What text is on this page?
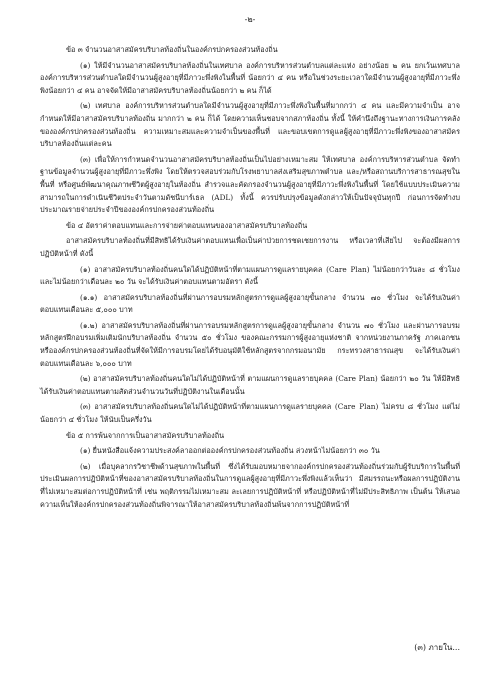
-๒-

ข้อ ๓ จำนวนอาสาสมัครบริบาลท้องถิ่นในองค์กรปกครองส่วนท้องถิ่น

(๑) ให้มีจำนวนอาสาสมัครบริบาลท้องถิ่นในเทศบาล องค์การบริหารส่วนตำบลแต่ละแห่ง อย่างน้อย ๒ คน ยกเว้นเทศบาล องค์การบริหารส่วนตำบลใดมีจำนวนผู้สูงอายุที่มีภาวะพึ่งพิงในพื้นที่ น้อยกว่า ๔ คน หรือในช่วงระยะเวลาใดมีจำนวนผู้สูงอายุที่มีภาวะพึ่งพิงน้อยกว่า ๔ คน อาจจัดให้มีอาสาสมัครบริบาลท้องถิ่นน้อยกว่า ๒ คน ก็ได้

(๒) เทศบาล องค์การบริหารส่วนตำบลใดมีจำนวนผู้สูงอายุที่มีภาวะพึ่งพิงในพื้นที่มากกว่า ๔ คน และมีความจำเป็น อาจกำหนดให้มีอาสาสมัครบริบาลท้องถิ่น มากกว่า ๒ คน ก็ได้ โดยความเห็นชอบจากสภาท้องถิ่น ทั้งนี้ ให้คำนึงถึงฐานะทางการเงินการคลังขององค์กรปกครองส่วนท้องถิ่น ความเหมาะสมและความจำเป็นของพื้นที่ และขอบเขตการดูแลผู้สูงอายุที่มีภาวะพึ่งพิงของอาสาสมัครบริบาลท้องถิ่นแต่ละคน

(๓) เพื่อให้การกำหนดจำนวนอาสาสมัครบริบาลท้องถิ่นเป็นไปอย่างเหมาะสม ให้เทศบาล องค์การบริหารส่วนตำบล จัดทำฐานข้อมูลจำนวนผู้สูงอายุที่มีภาวะพึ่งพิง โดยให้ตรวจสอบร่วมกับโรงพยาบาลส่งเสริมสุขภาพตำบล และ/หรือสถานบริการสาธารณสุขในพื้นที่ หรือศูนย์พัฒนาคุณภาพชีวิตผู้สูงอายุในท้องถิ่น สำรวจและคัดกรองจำนวนผู้สูงอายุที่มีภาวะพึ่งพิงในพื้นที่ โดยใช้แบบประเมินความสามารถในการดำเนินชีวิตประจำวันตามดัชนีบาร์เธล (ADL) ทั้งนี้ ควรปรับปรุงข้อมูลดังกล่าวให้เป็นปัจจุบันทุกปี ก่อนการจัดทำงบประมาณรายจ่ายประจำปีขององค์กรปกครองส่วนท้องถิ่น

ข้อ ๔ อัตราค่าตอบแทนและการจ่ายค่าตอบแทนของอาสาสมัครบริบาลท้องถิ่น

อาสาสมัครบริบาลท้องถิ่นที่มีสิทธิได้รับเงินค่าตอบแทนเพื่อเป็นค่าป่วยการชดเชยการงาน หรือเวลาที่เสียไป จะต้องมีผลการปฏิบัติหน้าที่ ดังนี้

(๑) อาสาสมัครบริบาลท้องถิ่นคนใดได้ปฏิบัติหน้าที่ตามแผนการดูแลรายบุคคล (Care Plan) ไม่น้อยกว่าวันละ ๘ ชั่วโมง และไม่น้อยกว่าเดือนละ ๒๐ วัน จะได้รับเงินค่าตอบแทนตามอัตรา ดังนี้

(๑.๑) อาสาสมัครบริบาลท้องถิ่นที่ผ่านการอบรมหลักสูตรการดูแลผู้สูงอายุขั้นกลาง จำนวน ๗๐ ชั่วโมง จะได้รับเงินค่าตอบแทนเดือนละ ๕,๐๐๐ บาท

(๑.๒) อาสาสมัครบริบาลท้องถิ่นที่ผ่านการอบรมหลักสูตรการดูแลผู้สูงอายุขั้นกลาง จำนวน ๗๐ ชั่วโมง และผ่านการอบรมหลักสูตรฝึกอบรมเพิ่มเติมนักบริบาลท้องถิ่น จำนวน ๕๐ ชั่วโมง ของคณะกรรมการผู้สูงอายุแห่งชาติ จากหน่วยงานภาครัฐ ภาคเอกชน หรือองค์กรปกครองส่วนท้องถิ่นที่จัดให้มีการอบรมโดยได้รับอนุมัติใช้หลักสูตรจากกรมอนามัย กระทรวงสาธารณสุข จะได้รับเงินค่าตอบแทนเดือนละ ๖,๐๐๐ บาท

(๒) อาสาสมัครบริบาลท้องถิ่นคนใดไม่ได้ปฏิบัติหน้าที่ ตามแผนการดูแลรายบุคคล (Care Plan) น้อยกว่า ๒๐ วัน ให้มีสิทธิได้รับเงินค่าตอบแทนตามสัดส่วนจำนวนวันที่ปฏิบัติงานในเดือนนั้น

(๓) อาสาสมัครบริบาลท้องถิ่นคนใดไม่ได้ปฏิบัติหน้าที่ตามแผนการดูแลรายบุคคล (Care Plan) ไม่ครบ ๘ ชั่วโมง แต่ไม่น้อยกว่า ๔ ชั่วโมง ให้นับเป็นครึ่งวัน

ข้อ ๕ การพ้นจากการเป็นอาสาสมัครบริบาลท้องถิ่น

(๑) ยื่นหนังสือแจ้งความประสงค์ลาออกต่อองค์กรปกครองส่วนท้องถิ่น ล่วงหน้าไม่น้อยกว่า ๓๐ วัน

(๒) เมื่อบุคลากรวิชาชีพด้านสุขภาพในพื้นที่ ซึ่งได้รับมอบหมายจากองค์กรปกครองส่วนท้องถิ่นร่วมกับผู้รับบริการในพื้นที่ ประเมินผลการปฏิบัติหน้าที่ของอาสาสมัครบริบาลท้องถิ่นในการดูแลผู้สูงอายุที่มีภาวะพึ่งพิงแล้วเห็นว่า มีสมรรถนะหรือผลการปฏิบัติงานที่ไม่เหมาะสมต่อการปฏิบัติหน้าที่ เช่น พฤติกรรมไม่เหมาะสม ละเลยการปฏิบัติหน้าที่ หรือปฏิบัติหน้าที่ไม่มีประสิทธิภาพ เป็นต้น ให้เสนอความเห็นให้องค์กรปกครองส่วนท้องถิ่นพิจารณาให้อาสาสมัครบริบาลท้องถิ่นพ้นจากการปฏิบัติหน้าที่

(๓) ภายใน...
